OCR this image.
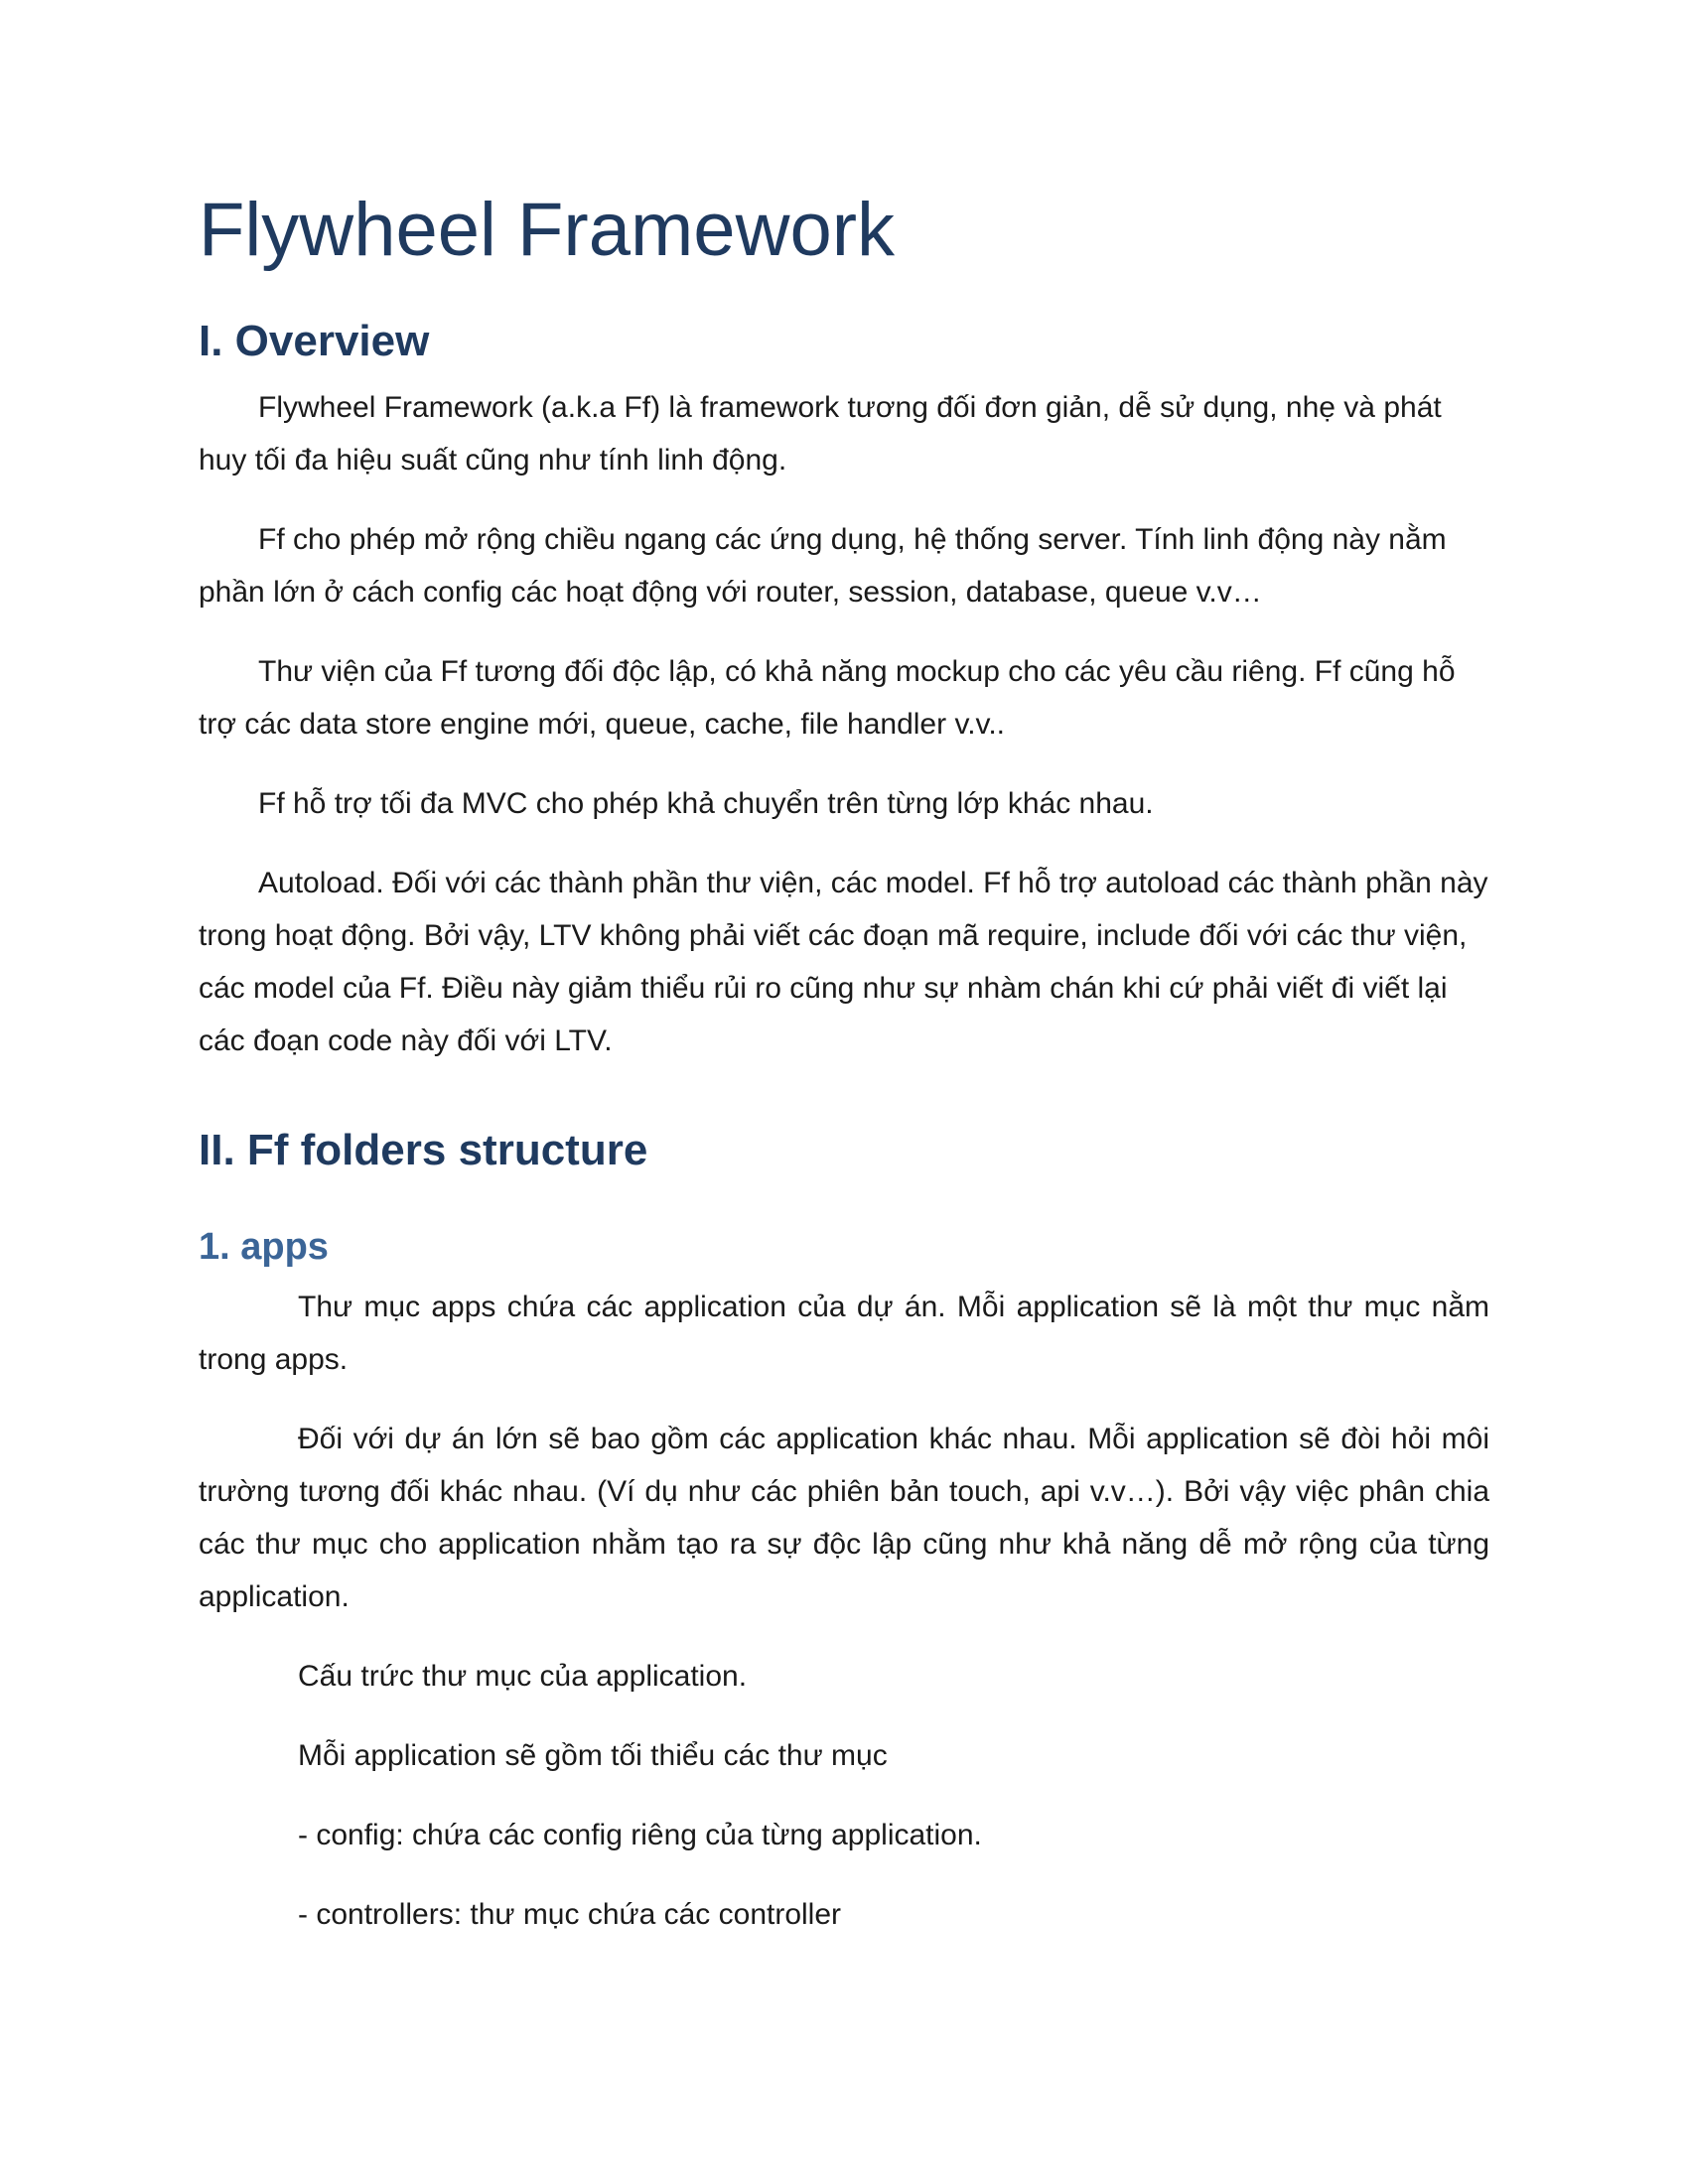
Flywheel Framework
I. Overview

Flywheel Framework (a.k.a Ff) là framework tương đối đơn giản, dễ sử dụng, nhẹ và phát huy tối đa hiệu suất cũng như tính linh động.

Ff cho phép mở rộng chiều ngang các ứng dụng, hệ thống server. Tính linh động này nằm phần lớn ở cách config các hoạt động với router, session, database, queue v.v…

Thư viện của Ff tương đối độc lập, có khả năng mockup cho các yêu cầu riêng. Ff cũng hỗ trợ các data store engine mới, queue, cache, file handler v.v..

Ff hỗ trợ tối đa MVC cho phép khả chuyển trên từng lớp khác nhau.

Autoload. Đối với các thành phần thư viện, các model. Ff hỗ trợ autoload các thành phần này trong hoạt động. Bởi vậy, LTV không phải viết các đoạn mã require, include đối với các thư viện, các model của Ff. Điều này giảm thiểu rủi ro cũng như sự nhàm chán khi cứ phải viết đi viết lại các đoạn code này đối với LTV.

II. Ff folders structure
1. apps

Thư mục apps chứa các application của dự án. Mỗi application sẽ là một thư mục nằm trong apps.

Đối với dự án lớn sẽ bao gồm các application khác nhau. Mỗi application sẽ đòi hỏi môi trường tương đối khác nhau. (Ví dụ như các phiên bản touch, api v.v…). Bởi vậy việc phân chia các thư mục cho application nhằm tạo ra sự độc lập cũng như khả năng dễ mở rộng của từng application.

Cấu trức thư mục của application.

Mỗi application sẽ gồm tối thiểu các thư mục

- config: chứa các config riêng của từng application.

- controllers: thư mục chứa các controller
